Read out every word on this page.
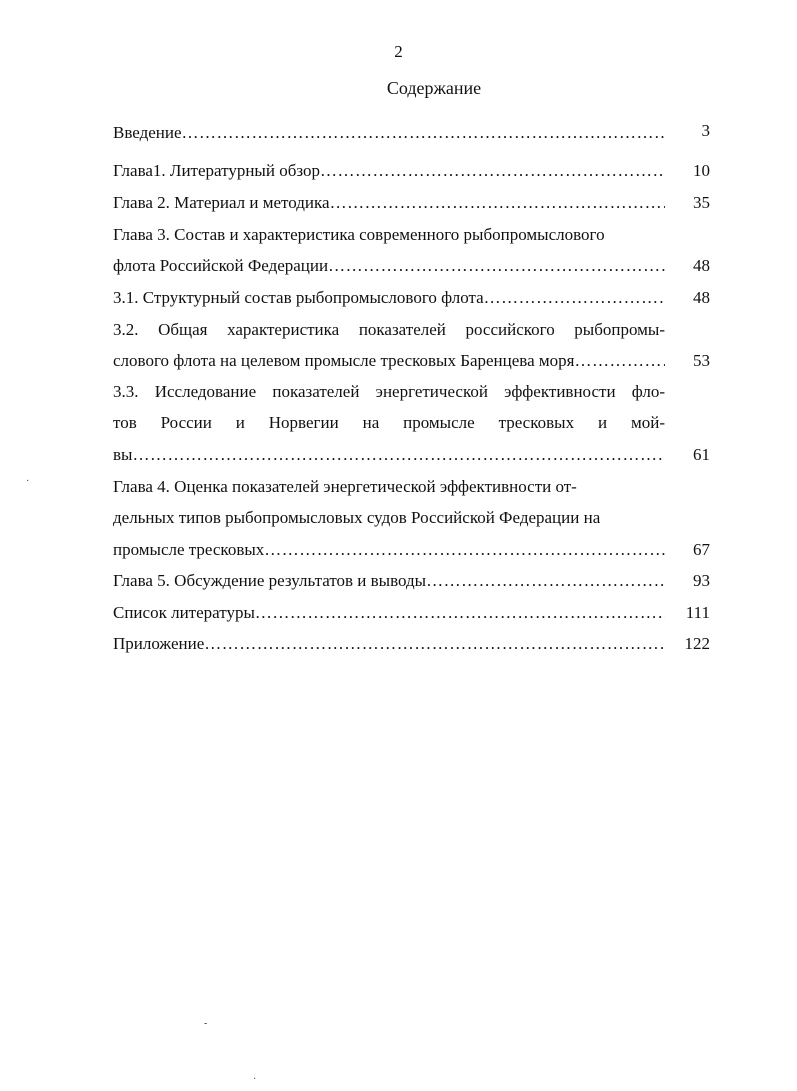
2
Содержание
Введение ……………………………………………………………………………………………………………………………………	3
Глава1. Литературный обзор ……………………………………………………………………………………………………………………………………	10
Глава 2. Материал и методика ……………………………………………………………………………………………………………………………………	35
Глава 3. Состав и характеристика современного рыбопромыслового
флота Российской Федерации ……………………………………………………………………………………………………………………………………	48
3.1. Структурный состав рыбопромыслового флота ……………………………………………………………………………………………………………………………………	48
3.2. Общая характеристика показателей российского рыбопромы-
слового флота на целевом промысле тресковых Баренцева моря ……………………………………………………………………………………………………………………………………	53
3.3. Исследование показателей энергетической эффективности фло-
тов России и Норвегии на промысле тресковых и мой-
вы ……………………………………………………………………………………………………………………………………	61
Глава 4. Оценка показателей энергетической эффективности от-
дельных типов рыбопромысловых судов Российской Федерации на
промысле тресковых ……………………………………………………………………………………………………………………………………	67
Глава 5. Обсуждение результатов и выводы ……………………………………………………………………………………………………………………………………	93
Список литературы ……………………………………………………………………………………………………………………………………	111
Приложение ……………………………………………………………………………………………………………………………………	122
·
-
·
